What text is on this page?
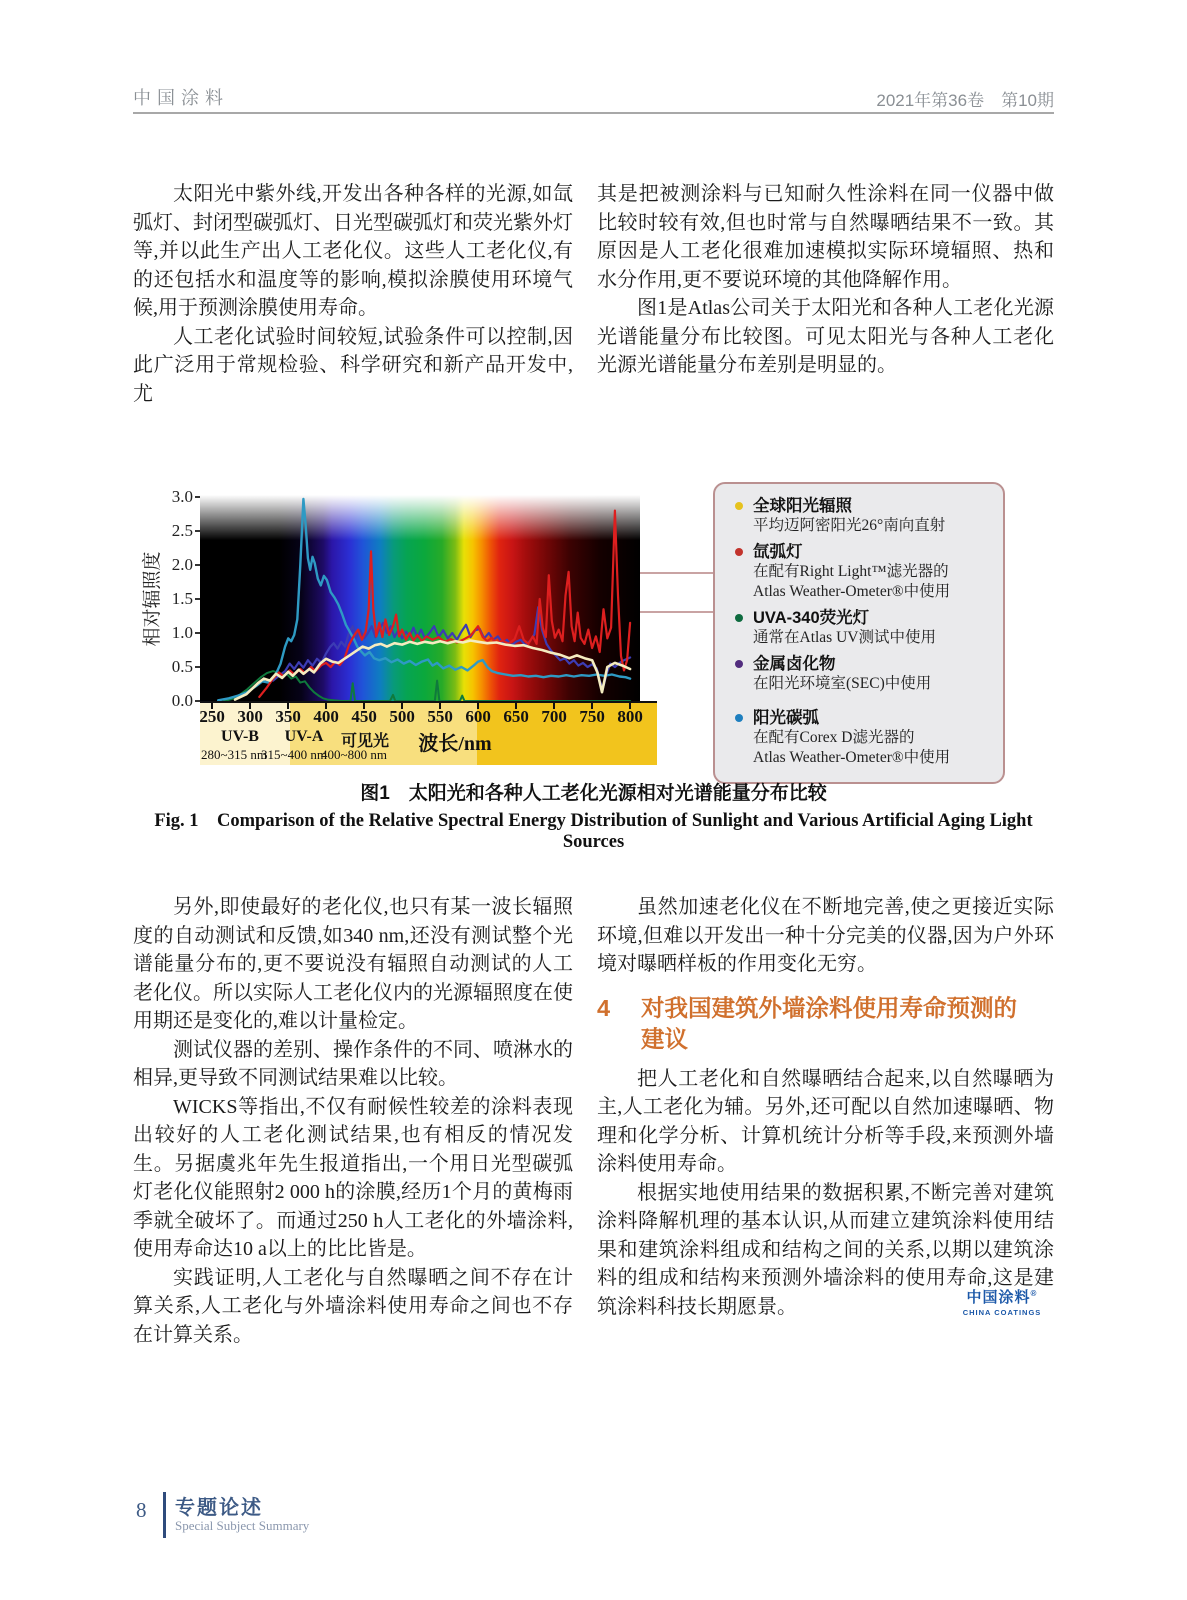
中国涂料	2021年第36卷　第10期

太阳光中紫外线,开发出各种各样的光源,如氙弧灯、封闭型碳弧灯、日光型碳弧灯和荧光紫外灯等,并以此生产出人工老化仪。这些人工老化仪,有的还包括水和温度等的影响,模拟涂膜使用环境气候,用于预测涂膜使用寿命。

人工老化试验时间较短,试验条件可以控制,因此广泛用于常规检验、科学研究和新产品开发中,尤

其是把被测涂料与已知耐久性涂料在同一仪器中做比较时较有效,但也时常与自然曝晒结果不一致。其原因是人工老化很难加速模拟实际环境辐照、热和水分作用,更不要说环境的其他降解作用。

图1是Atlas公司关于太阳光和各种人工老化光源光谱能量分布比较图。可见太阳光与各种人工老化光源光谱能量分布差别是明显的。

相对辐照度
3.0
2.5
2.0
1.5
1.0
0.5
0.0
波长/nm
250 300 350 400 450 500 550 600 650 700 750 800
UV-B
280~315 nm
UV-A
315~400 nm
可见光
400~800 nm
全球阳光辐照
平均迈阿密阳光26°南向直射
氙弧灯
在配有Right Light™滤光器的
Atlas Weather-Ometer®中使用
UVA-340荧光灯
通常在Atlas UV测试中使用
金属卤化物
在阳光环境室(SEC)中使用
阳光碳弧
在配有Corex D滤光器的
Atlas Weather-Ometer®中使用
图1　太阳光和各种人工老化光源相对光谱能量分布比较
Fig. 1　Comparison of the Relative Spectral Energy Distribution of Sunlight and Various Artificial Aging Light Sources

另外,即使最好的老化仪,也只有某一波长辐照度的自动测试和反馈,如340 nm,还没有测试整个光谱能量分布的,更不要说没有辐照自动测试的人工老化仪。所以实际人工老化仪内的光源辐照度在使用期还是变化的,难以计量检定。

测试仪器的差别、操作条件的不同、喷淋水的相异,更导致不同测试结果难以比较。

WICKS等指出,不仅有耐候性较差的涂料表现出较好的人工老化测试结果,也有相反的情况发生。另据虞兆年先生报道指出,一个用日光型碳弧灯老化仪能照射2 000 h的涂膜,经历1个月的黄梅雨季就全破坏了。而通过250 h人工老化的外墙涂料,使用寿命达10 a以上的比比皆是。

实践证明,人工老化与自然曝晒之间不存在计算关系,人工老化与外墙涂料使用寿命之间也不存在计算关系。

虽然加速老化仪在不断地完善,使之更接近实际环境,但难以开发出一种十分完美的仪器,因为户外环境对曝晒样板的作用变化无穷。

4	对我国建筑外墙涂料使用寿命预测的建议

把人工老化和自然曝晒结合起来,以自然曝晒为主,人工老化为辅。另外,还可配以自然加速曝晒、物理和化学分析、计算机统计分析等手段,来预测外墙涂料使用寿命。

根据实地使用结果的数据积累,不断完善对建筑涂料降解机理的基本认识,从而建立建筑涂料使用结果和建筑涂料组成和结构之间的关系,以期以建筑涂料的组成和结构来预测外墙涂料的使用寿命,这是建筑涂料科技长期愿景。	中国涂料®
CHINA COATINGS
8 专题论述
Special Subject Summary
